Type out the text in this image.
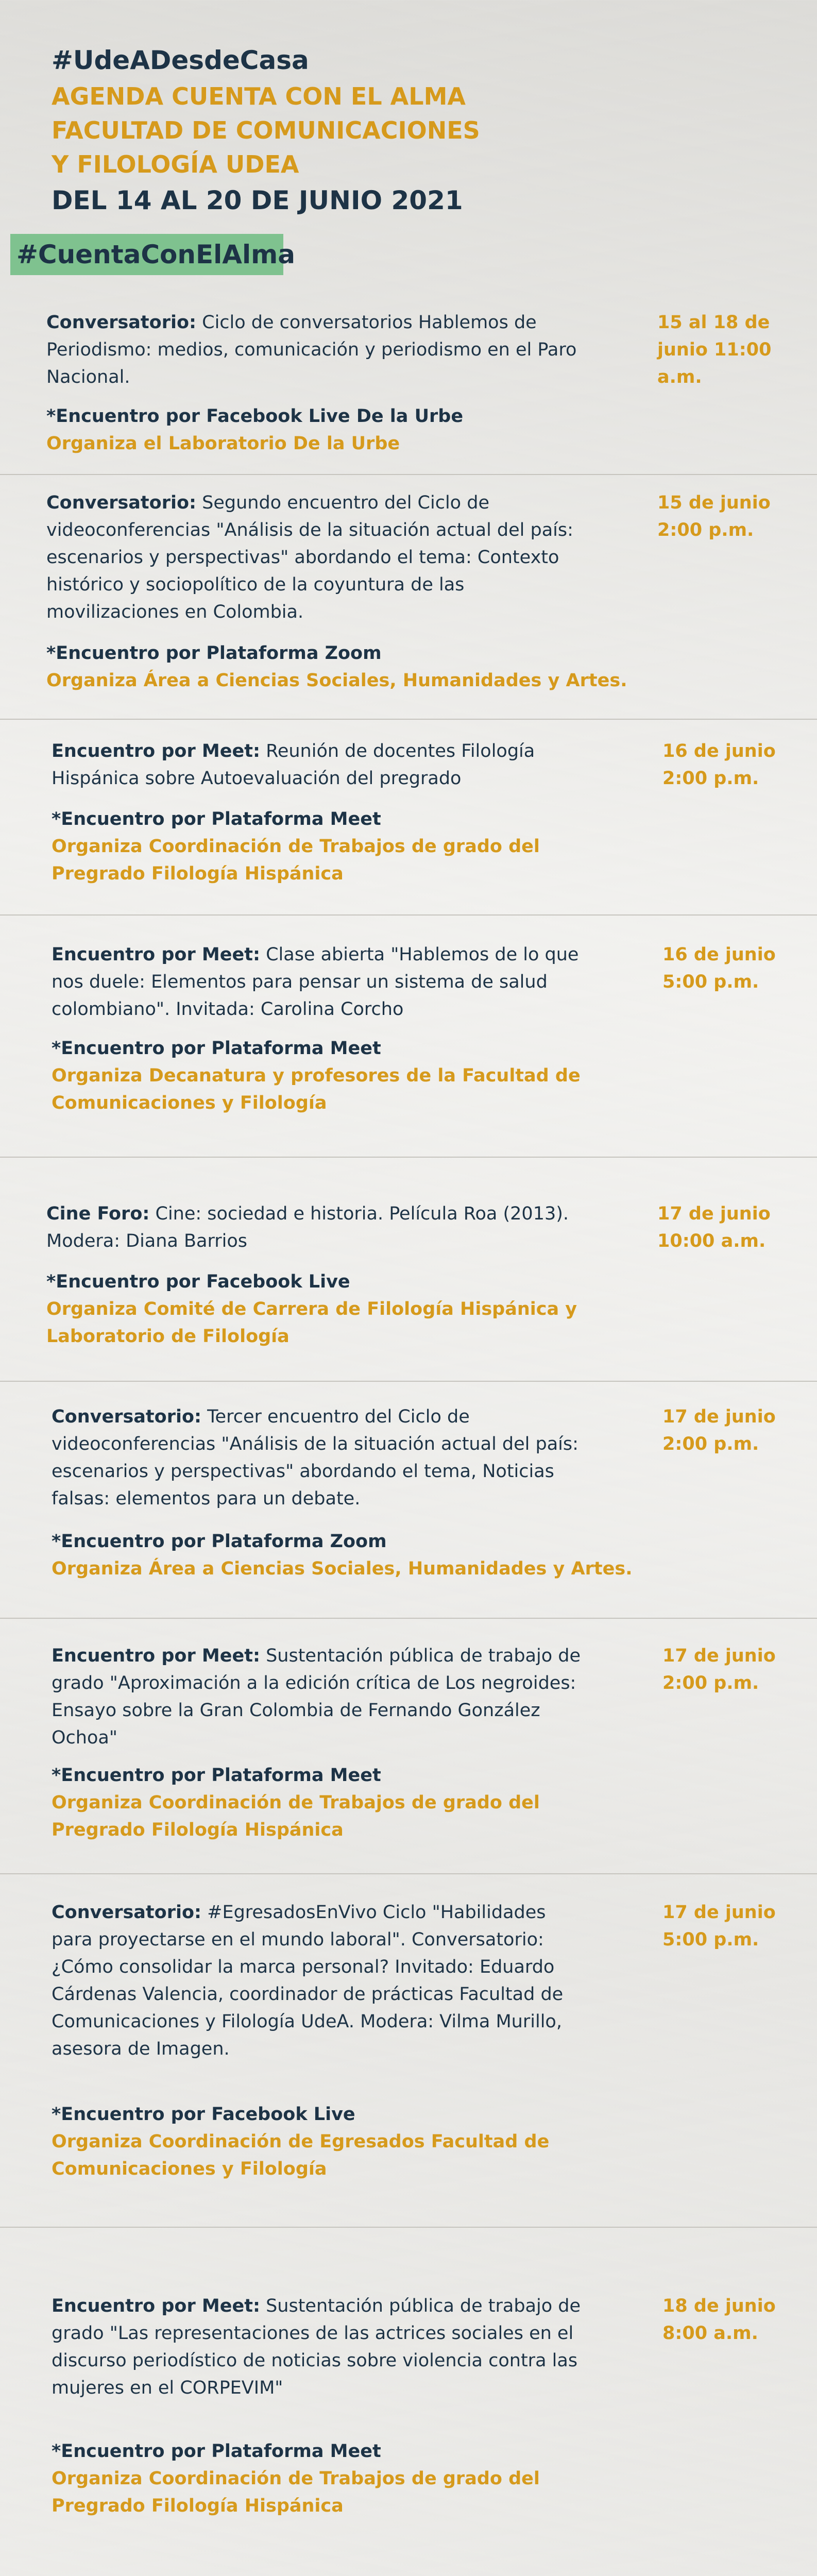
#UdeADesdeCasa
AGENDA CUENTA CON EL ALMA
FACULTAD DE COMUNICACIONES
Y FILOLOGÍA UDEA
DEL 14 AL 20 DE JUNIO 2021
#CuentaConElAlma
Conversatorio: Ciclo de conversatorios Hablemos de Periodismo: medios, comunicación y periodismo en el Paro Nacional.
15 al 18 de junio 11:00 a.m.
*Encuentro por Facebook Live De la Urbe
Organiza el Laboratorio De la Urbe
Conversatorio: Segundo encuentro del Ciclo de videoconferencias "Análisis de la situación actual del país: escenarios y perspectivas" abordando el tema: Contexto histórico y sociopolítico de la coyuntura de las movilizaciones en Colombia.
15 de junio 2:00 p.m.
*Encuentro por Plataforma Zoom
Organiza Área a Ciencias Sociales, Humanidades y Artes.
Encuentro por Meet: Reunión de docentes Filología Hispánica sobre Autoevaluación del pregrado
16 de junio 2:00 p.m.
*Encuentro por Plataforma Meet
Organiza Coordinación de Trabajos de grado del Pregrado Filología Hispánica
Encuentro por Meet: Clase abierta "Hablemos de lo que nos duele: Elementos para pensar un sistema de salud colombiano". Invitada: Carolina Corcho
16 de junio 5:00 p.m.
*Encuentro por Plataforma Meet
Organiza Decanatura y profesores de la Facultad de Comunicaciones y Filología
Cine Foro: Cine: sociedad e historia. Película Roa (2013). Modera: Diana Barrios
17 de junio 10:00 a.m.
*Encuentro por Facebook Live
Organiza Comité de Carrera de Filología Hispánica y Laboratorio de Filología
Conversatorio: Tercer encuentro del Ciclo de videoconferencias "Análisis de la situación actual del país: escenarios y perspectivas" abordando el tema, Noticias falsas: elementos para un debate.
17 de junio 2:00 p.m.
*Encuentro por Plataforma Zoom
Organiza Área a Ciencias Sociales, Humanidades y Artes.
Encuentro por Meet: Sustentación pública de trabajo de grado "Aproximación a la edición crítica de Los negroides: Ensayo sobre la Gran Colombia de Fernando González Ochoa"
17 de junio 2:00 p.m.
*Encuentro por Plataforma Meet
Organiza Coordinación de Trabajos de grado del Pregrado Filología Hispánica
Conversatorio: #EgresadosEnVivo Ciclo "Habilidades para proyectarse en el mundo laboral". Conversatorio: ¿Cómo consolidar la marca personal? Invitado: Eduardo Cárdenas Valencia, coordinador de prácticas Facultad de Comunicaciones y Filología UdeA. Modera: Vilma Murillo, asesora de Imagen.
17 de junio 5:00 p.m.
*Encuentro por Facebook Live
Organiza Coordinación de Egresados Facultad de Comunicaciones y Filología
Encuentro por Meet: Sustentación pública de trabajo de grado "Las representaciones de las actrices sociales en el discurso periodístico de noticias sobre violencia contra las mujeres en el CORPEVIM"
18 de junio 8:00 a.m.
*Encuentro por Plataforma Meet
Organiza Coordinación de Trabajos de grado del Pregrado Filología Hispánica
